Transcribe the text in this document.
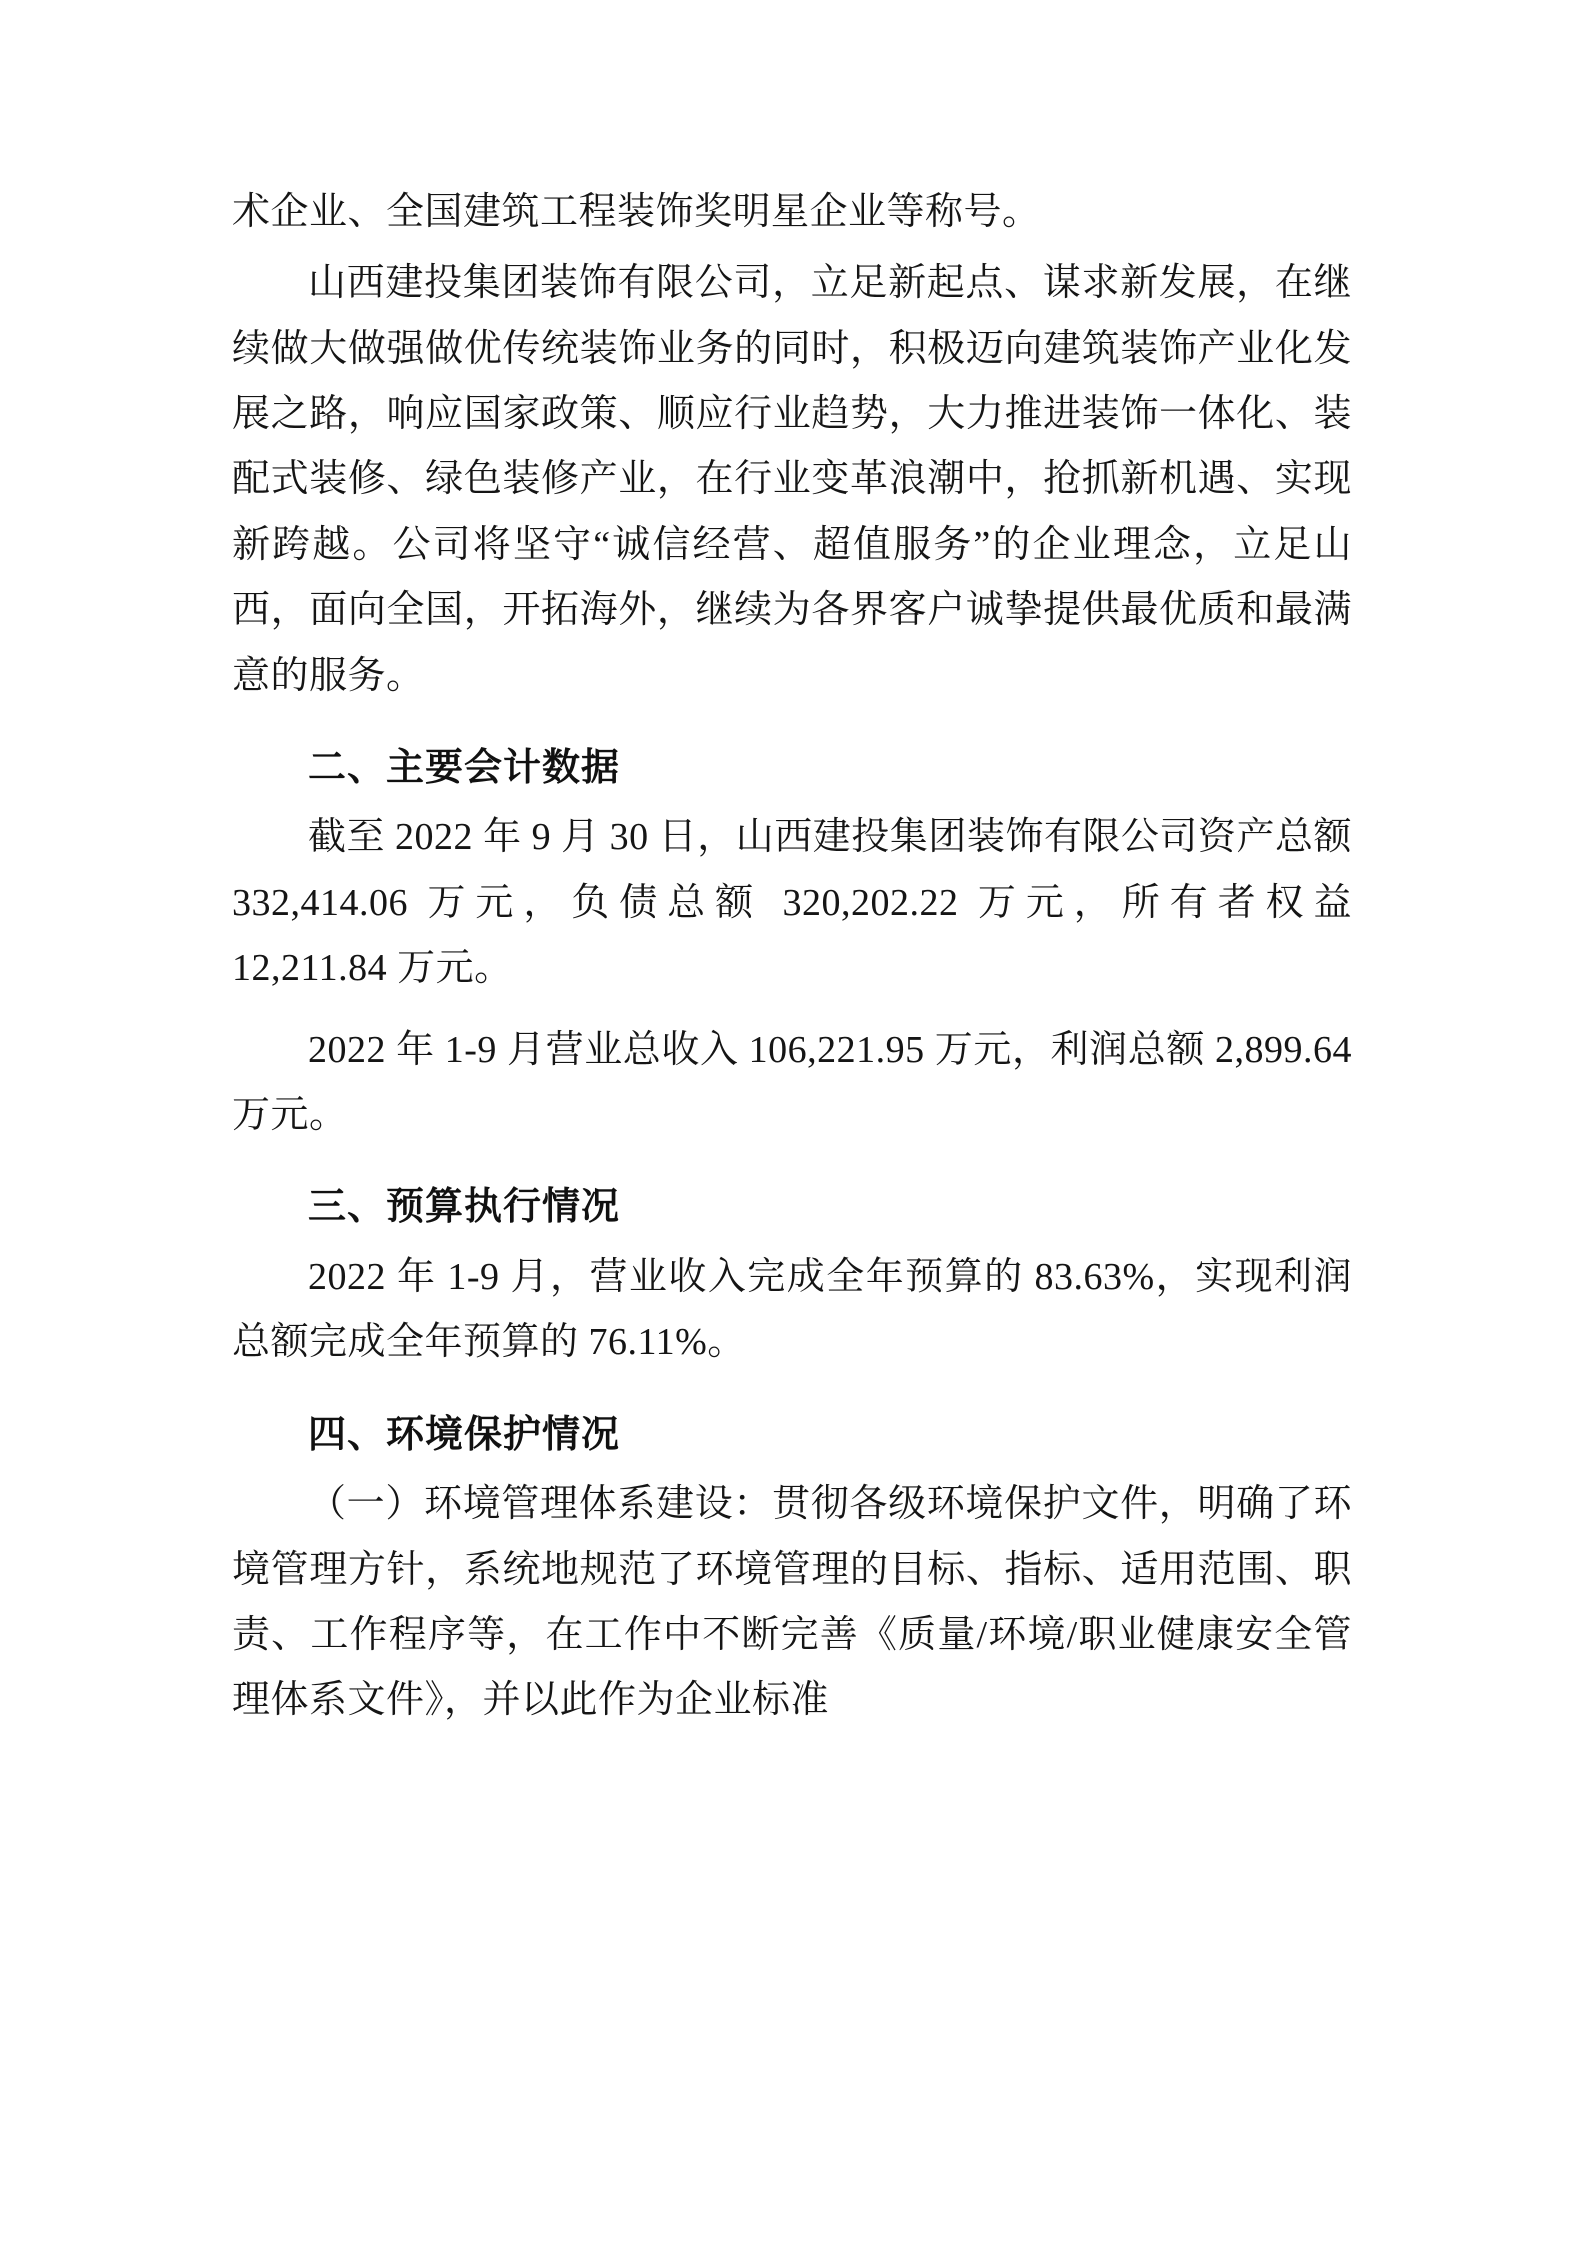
术企业、全国建筑工程装饰奖明星企业等称号。

山西建投集团装饰有限公司，立足新起点、谋求新发展，在继续做大做强做优传统装饰业务的同时，积极迈向建筑装饰产业化发展之路，响应国家政策、顺应行业趋势，大力推进装饰一体化、装配式装修、绿色装修产业，在行业变革浪潮中，抢抓新机遇、实现新跨越。公司将坚守“诚信经营、超值服务”的企业理念，立足山西，面向全国，开拓海外，继续为各界客户诚挚提供最优质和最满意的服务。

二、主要会计数据

截至 2022 年 9 月 30 日，山西建投集团装饰有限公司资产总额 332,414.06 万元，负债总额 320,202.22 万元，所有者权益 12,211.84 万元。

2022 年 1-9 月营业总收入 106,221.95 万元，利润总额 2,899.64 万元。

三、预算执行情况

2022 年 1-9 月，营业收入完成全年预算的 83.63%，实现利润总额完成全年预算的 76.11%。

四、环境保护情况

（一）环境管理体系建设：贯彻各级环境保护文件，明确了环境管理方针，系统地规范了环境管理的目标、指标、适用范围、职责、工作程序等，在工作中不断完善《质量/环境/职业健康安全管理体系文件》，并以此作为企业标准
